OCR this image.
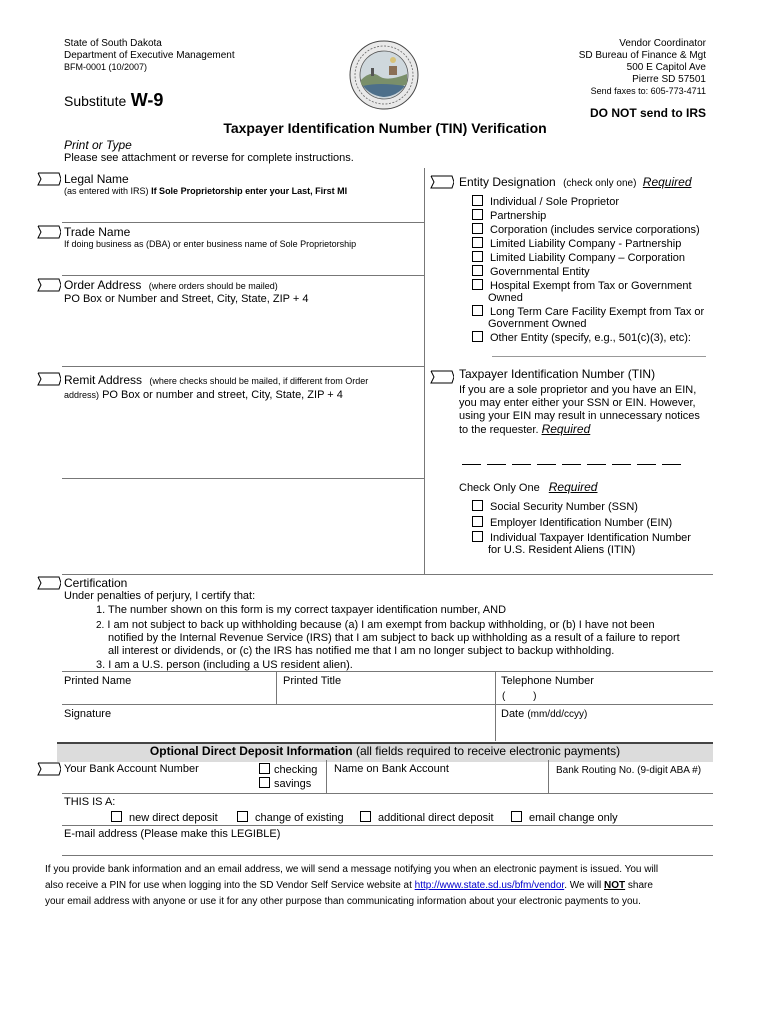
State of South Dakota
Department of Executive Management
BFM-0001 (10/2007)
Vendor Coordinator
SD Bureau of Finance & Mgt
500 E Capitol Ave
Pierre SD 57501
Send faxes to: 605-773-4711
Substitute W-9
DO NOT send to IRS
Taxpayer Identification Number (TIN) Verification
Print or Type
Please see attachment or reverse for complete instructions.
Legal Name
(as entered with IRS) If Sole Proprietorship enter your Last, First MI
Trade Name
If doing business as (DBA) or enter business name of Sole Proprietorship
Order Address (where orders should be mailed)
PO Box or Number and Street, City, State, ZIP + 4
Remit Address (where checks should be mailed, if different from Order
address) PO Box or number and street, City, State, ZIP + 4
Entity Designation (check only one) Required
Individual / Sole Proprietor
Partnership
Corporation (includes service corporations)
Limited Liability Company - Partnership
Limited Liability Company – Corporation
Governmental Entity
Hospital Exempt from Tax or Government
Owned
Long Term Care Facility Exempt from Tax or
Government Owned
Other Entity (specify, e.g., 501(c)(3), etc):
Taxpayer Identification Number (TIN)
If you are a sole proprietor and you have an EIN,
you may enter either your SSN or EIN. However,
using your EIN may result in unnecessary notices
to the requester. Required
Check Only One Required
Social Security Number (SSN)
Employer Identification Number (EIN)
Individual Taxpayer Identification Number
for U.S. Resident Aliens (ITIN)
Certification
Under penalties of perjury, I certify that:
1. The number shown on this form is my correct taxpayer identification number, AND
2. I am not subject to back up withholding because (a) I am exempt from backup withholding, or (b) I have not been
notified by the Internal Revenue Service (IRS) that I am subject to back up withholding as a result of a failure to report
all interest or dividends, or (c) the IRS has notified me that I am no longer subject to backup withholding.
3. I am a U.S. person (including a US resident alien).
Printed Name	Printed Title	Telephone Number
(          )
Signature	Date (mm/dd/ccyy)
Optional Direct Deposit Information (all fields required to receive electronic payments)
Your Bank Account Number	checking
savings
Name on Bank Account	Bank Routing No. (9-digit ABA #)
THIS IS A:
new direct deposit	change of existing	additional direct deposit	email change only
E-mail address (Please make this LEGIBLE)
If you provide bank information and an email address, we will send a message notifying you when an electronic payment is issued. You will
also receive a PIN for use when logging into the SD Vendor Self Service website at http://www.state.sd.us/bfm/vendor. We will NOT share
your email address with anyone or use it for any other purpose than communicating information about your electronic payments to you.
